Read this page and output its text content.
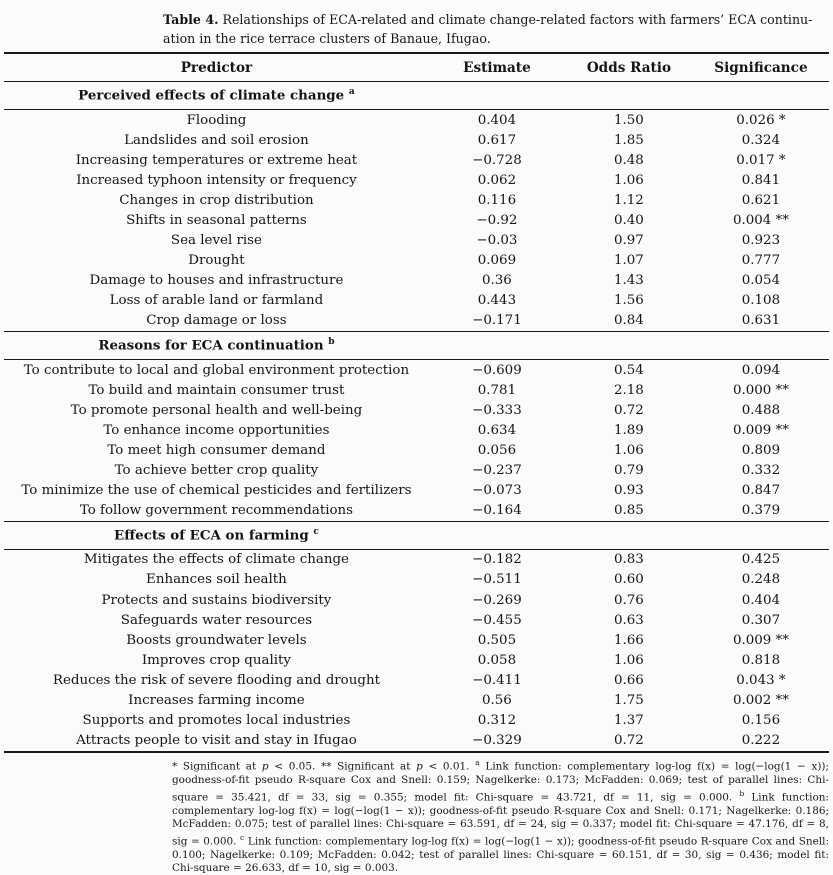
Table 4. Relationships of ECA-related and climate change-related factors with farmers’ ECA continu-
ation in the rice terrace clusters of Banaue, Ifugao.
Predictor	Estimate	Odds Ratio	Significance
Perceived effects of climate change $^a$			
Flooding	0.404	1.50	0.026 *
Landslides and soil erosion	0.617	1.85	0.324
Increasing temperatures or extreme heat	−0.728	0.48	0.017 *
Increased typhoon intensity or frequency	0.062	1.06	0.841
Changes in crop distribution	0.116	1.12	0.621
Shifts in seasonal patterns	−0.92	0.40	0.004 **
Sea level rise	−0.03	0.97	0.923
Drought	0.069	1.07	0.777
Damage to houses and infrastructure	0.36	1.43	0.054
Loss of arable land or farmland	0.443	1.56	0.108
Crop damage or loss	−0.171	0.84	0.631
Reasons for ECA continuation $^b$			
To contribute to local and global environment protection	−0.609	0.54	0.094
To build and maintain consumer trust	0.781	2.18	0.000 **
To promote personal health and well-being	−0.333	0.72	0.488
To enhance income opportunities	0.634	1.89	0.009 **
To meet high consumer demand	0.056	1.06	0.809
To achieve better crop quality	−0.237	0.79	0.332
To minimize the use of chemical pesticides and fertilizers	−0.073	0.93	0.847
To follow government recommendations	−0.164	0.85	0.379
Effects of ECA on farming $^c$			
Mitigates the effects of climate change	−0.182	0.83	0.425
Enhances soil health	−0.511	0.60	0.248
Protects and sustains biodiversity	−0.269	0.76	0.404
Safeguards water resources	−0.455	0.63	0.307
Boosts groundwater levels	0.505	1.66	0.009 **
Improves crop quality	0.058	1.06	0.818
Reduces the risk of severe flooding and drought	−0.411	0.66	0.043 *
Increases farming income	0.56	1.75	0.002 **
Supports and promotes local industries	0.312	1.37	0.156
Attracts people to visit and stay in Ifugao	−0.329	0.72	0.222
* Significant at p < 0.05. ** Significant at p < 0.01. $^a$ Link function: complementary log-log f(x) = log(−log(1 − x)); goodness-of-fit pseudo R-square Cox and Snell: 0.159; Nagelkerke: 0.173; McFadden: 0.069; test of parallel lines: Chi-square = 35.421, df = 33, sig = 0.355; model fit: Chi-square = 43.721, df = 11, sig = 0.000. $^b$ Link function: complementary log-log f(x) = log(−log(1 − x)); goodness-of-fit pseudo R-square Cox and Snell: 0.171; Nagelkerke: 0.186; McFadden: 0.075; test of parallel lines: Chi-square = 63.591, df = 24, sig = 0.337; model fit: Chi-square = 47.176, df = 8, sig = 0.000. $^c$ Link function: complementary log-log f(x) = log(−log(1 − x)); goodness-of-fit pseudo R-square Cox and Snell: 0.100; Nagelkerke: 0.109; McFadden: 0.042; test of parallel lines: Chi-square = 60.151, df = 30, sig = 0.436; model fit: Chi-square = 26.633, df = 10, sig = 0.003.
